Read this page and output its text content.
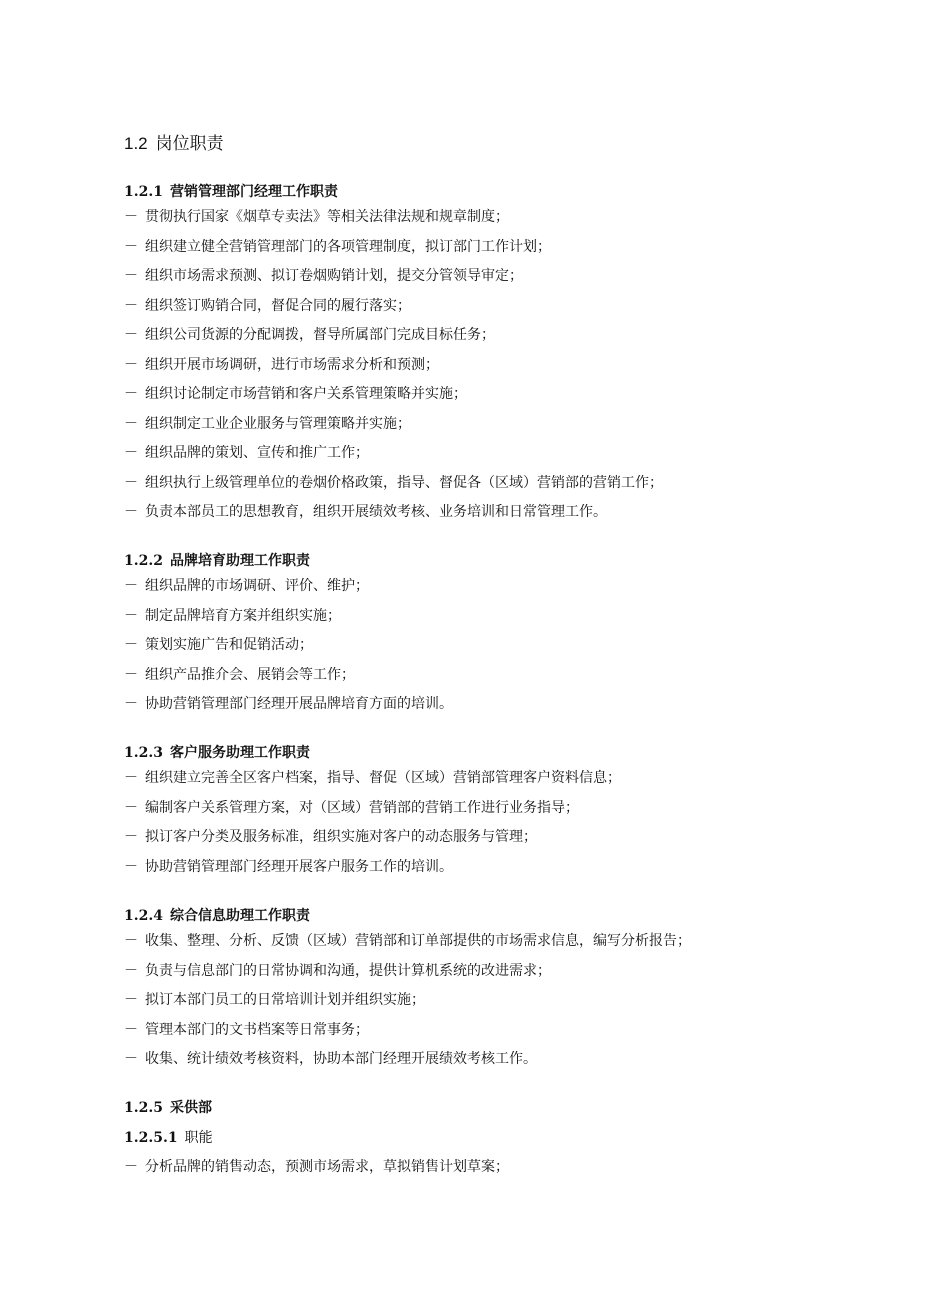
1.2 岗位职责
1.2.1 营销管理部门经理工作职责
－ 贯彻执行国家《烟草专卖法》等相关法律法规和规章制度；
－ 组织建立健全营销管理部门的各项管理制度，拟订部门工作计划；
－ 组织市场需求预测、拟订卷烟购销计划，提交分管领导审定；
－ 组织签订购销合同，督促合同的履行落实；
－ 组织公司货源的分配调拨，督导所属部门完成目标任务；
－ 组织开展市场调研，进行市场需求分析和预测；
－ 组织讨论制定市场营销和客户关系管理策略并实施；
－ 组织制定工业企业服务与管理策略并实施；
－ 组织品牌的策划、宣传和推广工作；
－ 组织执行上级管理单位的卷烟价格政策，指导、督促各（区域）营销部的营销工作；
－ 负责本部员工的思想教育，组织开展绩效考核、业务培训和日常管理工作。
1.2.2 品牌培育助理工作职责
－ 组织品牌的市场调研、评价、维护；
－ 制定品牌培育方案并组织实施；
－ 策划实施广告和促销活动；
－ 组织产品推介会、展销会等工作；
－ 协助营销管理部门经理开展品牌培育方面的培训。
1.2.3 客户服务助理工作职责
－ 组织建立完善全区客户档案，指导、督促（区域）营销部管理客户资料信息；
－ 编制客户关系管理方案，对（区域）营销部的营销工作进行业务指导；
－ 拟订客户分类及服务标准，组织实施对客户的动态服务与管理；
－ 协助营销管理部门经理开展客户服务工作的培训。
1.2.4 综合信息助理工作职责
－ 收集、整理、分析、反馈（区域）营销部和订单部提供的市场需求信息，编写分析报告；
－ 负责与信息部门的日常协调和沟通，提供计算机系统的改进需求；
－ 拟订本部门员工的日常培训计划并组织实施；
－ 管理本部门的文书档案等日常事务；
－ 收集、统计绩效考核资料，协助本部门经理开展绩效考核工作。
1.2.5 采供部
1.2.5.1 职能
－ 分析品牌的销售动态，预测市场需求，草拟销售计划草案；
